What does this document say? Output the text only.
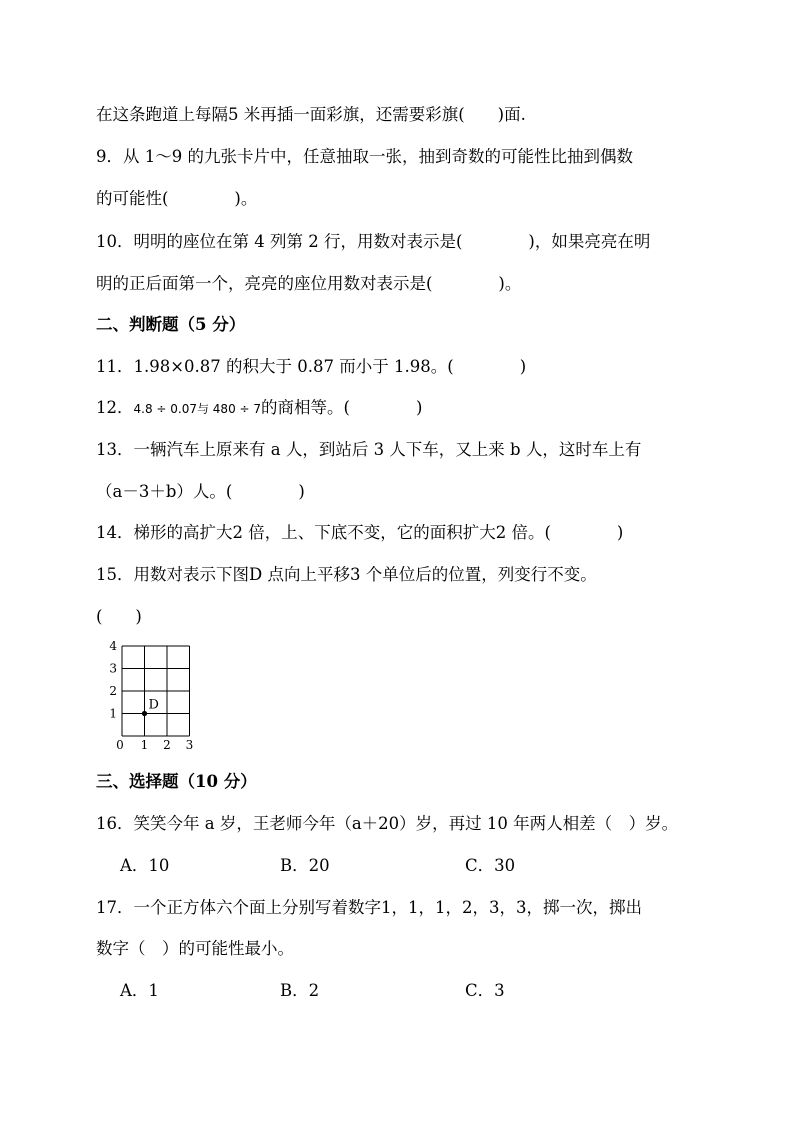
在这条跑道上每隔5 米再插一面彩旗，还需要彩旗(　　)面.
9．从 1～9 的九张卡片中，任意抽取一张，抽到奇数的可能性比抽到偶数
的可能性(　　　　)。
10．明明的座位在第 4 列第 2 行，用数对表示是(　　　　)，如果亮亮在明
明的正后面第一个，亮亮的座位用数对表示是(　　　　)。
二、判断题（5 分）
11．1.98×0.87 的积大于 0.87 而小于 1.98。(　　　　)
12．4.8 ÷ 0.07与 480 ÷ 7的商相等。(　　　　)
13．一辆汽车上原来有 a 人，到站后 3 人下车，又上来 b 人，这时车上有
（a－3＋b）人。(　　　　)
14．梯形的高扩大2 倍，上、下底不变，它的面积扩大2 倍。(　　　　)
15．用数对表示下图D 点向上平移3 个单位后的位置，列变行不变。
(　　)
0 1 2 3
1
2
3
4
D
三、选择题（10 分）
16．笑笑今年 a 岁，王老师今年（a＋20）岁，再过 10 年两人相差（　）岁。
A．10	B．20	C．30
17．一个正方体六个面上分别写着数字1，1，1，2，3，3，掷一次，掷出
数字（　）的可能性最小。
A．1	B．2	C．3
